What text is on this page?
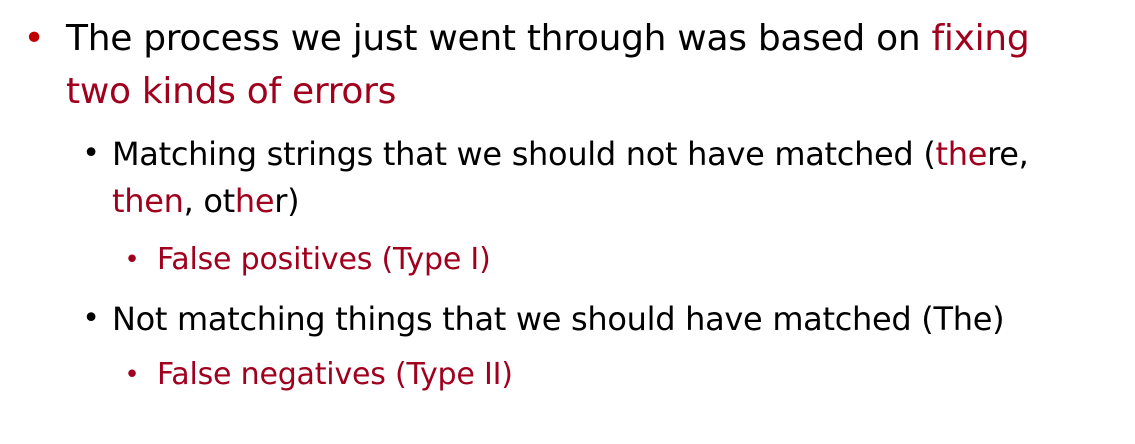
• The process we just went through was based on fixing
two kinds of errors
• Matching strings that we should not have matched (there,
then, other)
• False positives (Type I)
• Not matching things that we should have matched (The)
• False negatives (Type II)
